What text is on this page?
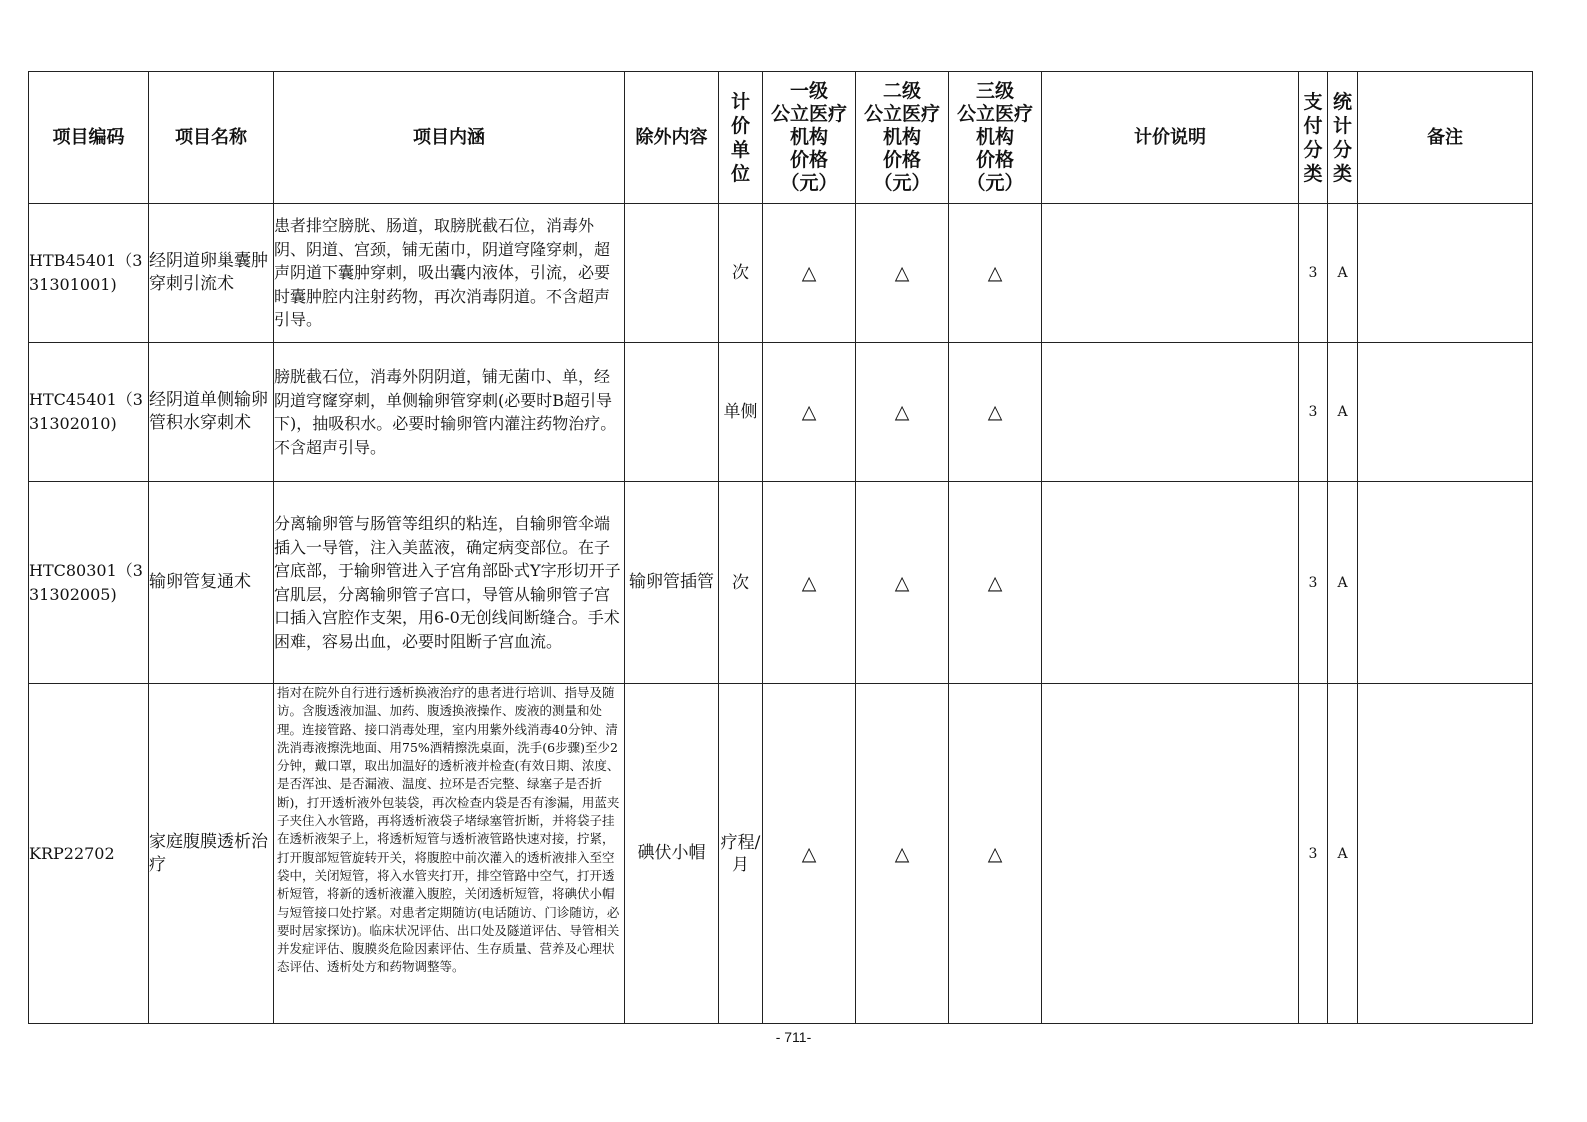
项目编码	项目名称	项目内涵	除外内容	计
价
单
位	一级
公立医疗
机构
价格
（元）	二级
公立医疗
机构
价格
（元）	三级
公立医疗
机构
价格
（元）	计价说明	支
付
分
类	统
计
分
类	备注
HTB45401（331301001)	经阴道卵巢囊肿穿刺引流术	患者排空膀胱、肠道，取膀胱截石位，消毒外阴、阴道、宫颈，铺无菌巾，阴道穹隆穿刺，超声阴道下囊肿穿刺，吸出囊内液体，引流，必要时囊肿腔内注射药物，再次消毒阴道。不含超声引导。		次	△	△	△		3	A	
HTC45401（331302010)	经阴道单侧输卵管积水穿刺术	膀胱截石位，消毒外阴阴道，铺无菌巾、单，经阴道穹窿穿刺，单侧输卵管穿刺(必要时B超引导下)，抽吸积水。必要时输卵管内灌注药物治疗。不含超声引导。		单侧	△	△	△		3	A	
HTC80301（331302005)	输卵管复通术	分离输卵管与肠管等组织的粘连，自输卵管伞端插入一导管，注入美蓝液，确定病变部位。在子宫底部，于输卵管进入子宫角部卧式Y字形切开子宫肌层，分离输卵管子宫口，导管从输卵管子宫口插入宫腔作支架，用6-0无创线间断缝合。手术困难，容易出血，必要时阻断子宫血流。	输卵管插管	次	△	△	△		3	A	
KRP22702	家庭腹膜透析治疗	指对在院外自行进行透析换液治疗的患者进行培训、指导及随访。含腹透液加温、加药、腹透换液操作、废液的测量和处理。连接管路、接口消毒处理，室内用紫外线消毒40分钟、清洗消毒液擦洗地面、用75%酒精擦洗桌面，洗手(6步骤)至少2分钟，戴口罩，取出加温好的透析液并检查(有效日期、浓度、是否浑浊、是否漏液、温度、拉环是否完整、绿塞子是否折断)，打开透析液外包装袋，再次检查内袋是否有渗漏，用蓝夹子夹住入水管路，再将透析液袋子堵绿塞管折断，并将袋子挂在透析液架子上，将透析短管与透析液管路快速对接，拧紧，打开腹部短管旋转开关，将腹腔中前次灌入的透析液排入至空袋中，关闭短管，将入水管夹打开，排空管路中空气，打开透析短管，将新的透析液灌入腹腔，关闭透析短管，将碘伏小帽与短管接口处拧紧。对患者定期随访(电话随访、门诊随访，必要时居家探访)。临床状况评估、出口处及隧道评估、导管相关并发症评估、腹膜炎危险因素评估、生存质量、营养及心理状态评估、透析处方和药物调整等。	碘伏小帽	疗程/月	△	△	△		3	A	
- 711-
